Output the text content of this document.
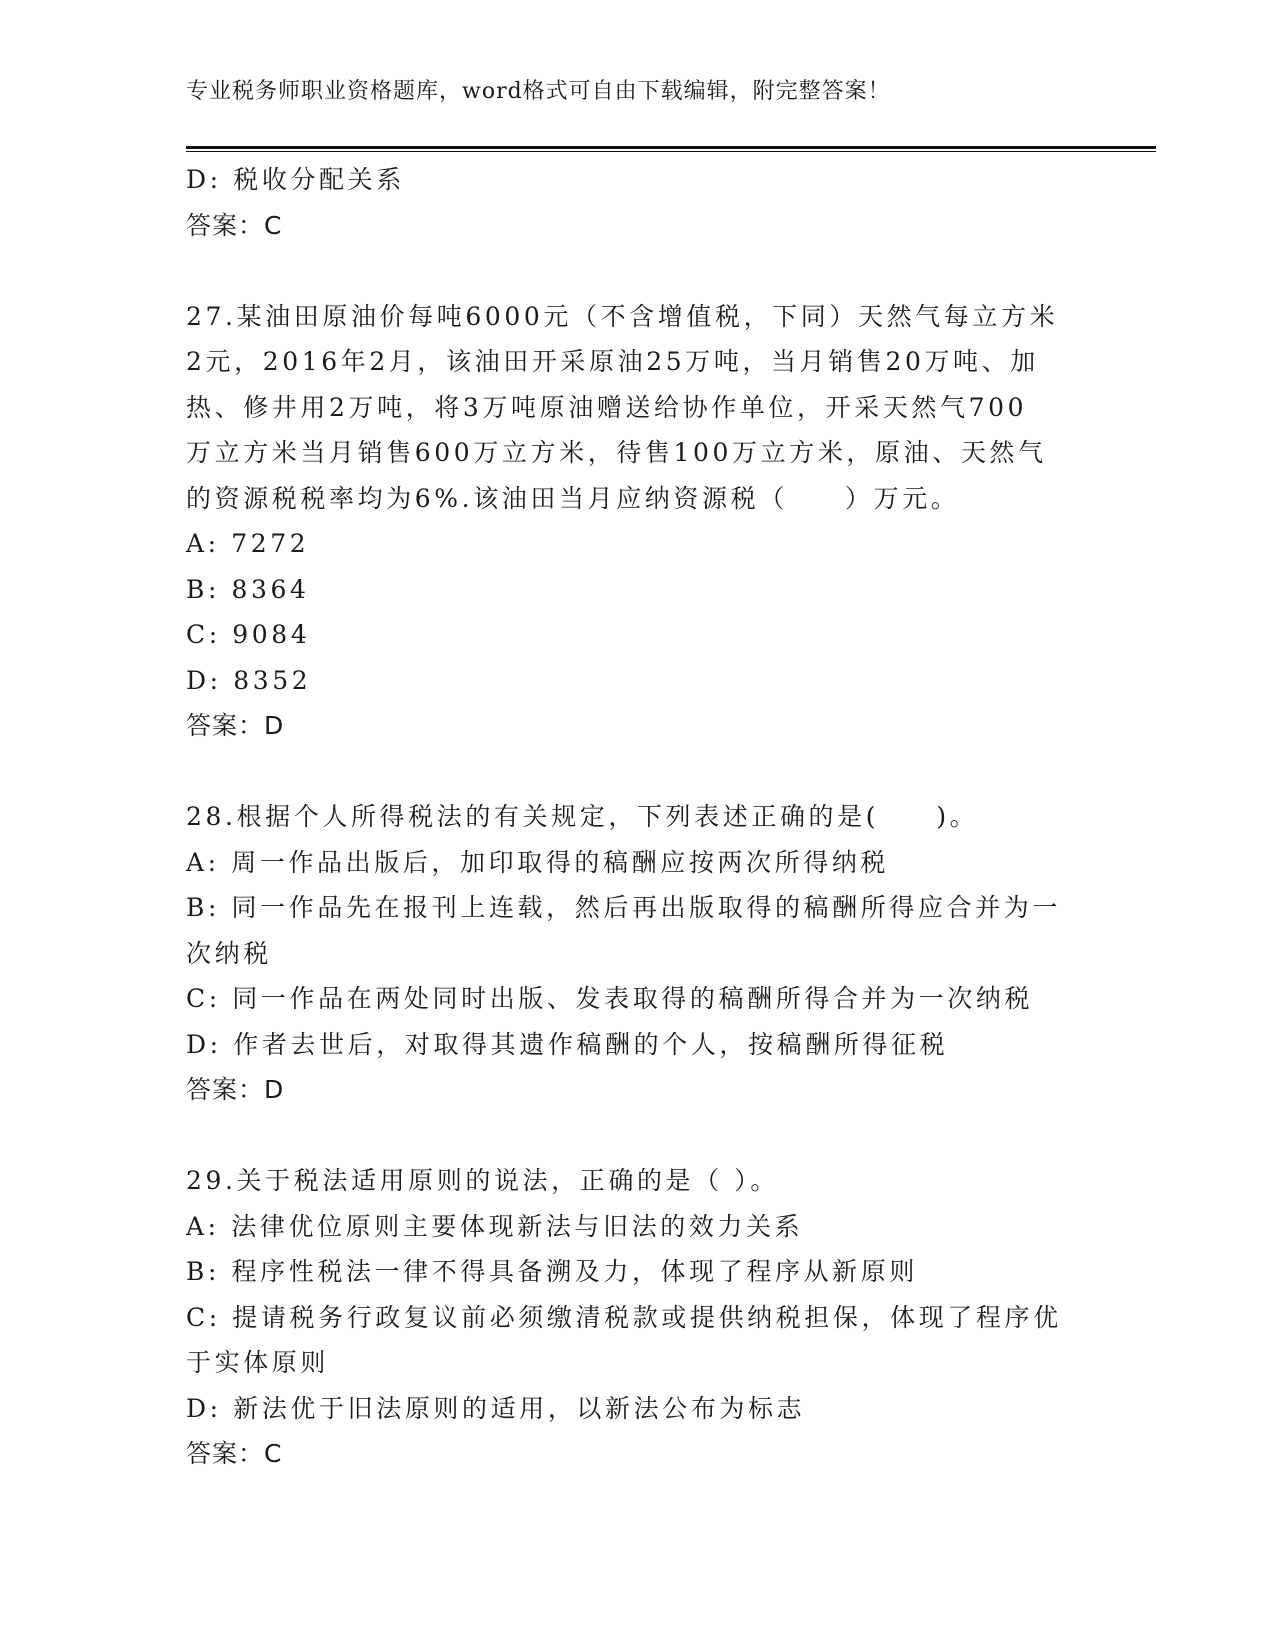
专业税务师职业资格题库，word格式可自由下载编辑，附完整答案！
D: 税收分配关系
答案：C
27.某油田原油价每吨6000元（不含增值税，下同）天然气每立方米
2元，2016年2月，该油田开采原油25万吨，当月销售20万吨、加
热、修井用2万吨，将3万吨原油赠送给协作单位，开采天然气700
万立方米当月销售600万立方米，待售100万立方米，原油、天然气
的资源税税率均为6%.该油田当月应纳资源税（　　）万元。
A: 7272
B: 8364
C: 9084
D: 8352
答案：D
28.根据个人所得税法的有关规定，下列表述正确的是(　　)。
A: 周一作品出版后，加印取得的稿酬应按两次所得纳税
B: 同一作品先在报刊上连载，然后再出版取得的稿酬所得应合并为一
次纳税
C: 同一作品在两处同时出版、发表取得的稿酬所得合并为一次纳税
D: 作者去世后，对取得其遗作稿酬的个人，按稿酬所得征税
答案：D
29.关于税法适用原则的说法，正确的是（ ）。
A: 法律优位原则主要体现新法与旧法的效力关系
B: 程序性税法一律不得具备溯及力，体现了程序从新原则
C: 提请税务行政复议前必须缴清税款或提供纳税担保，体现了程序优
于实体原则
D: 新法优于旧法原则的适用，以新法公布为标志
答案：C
